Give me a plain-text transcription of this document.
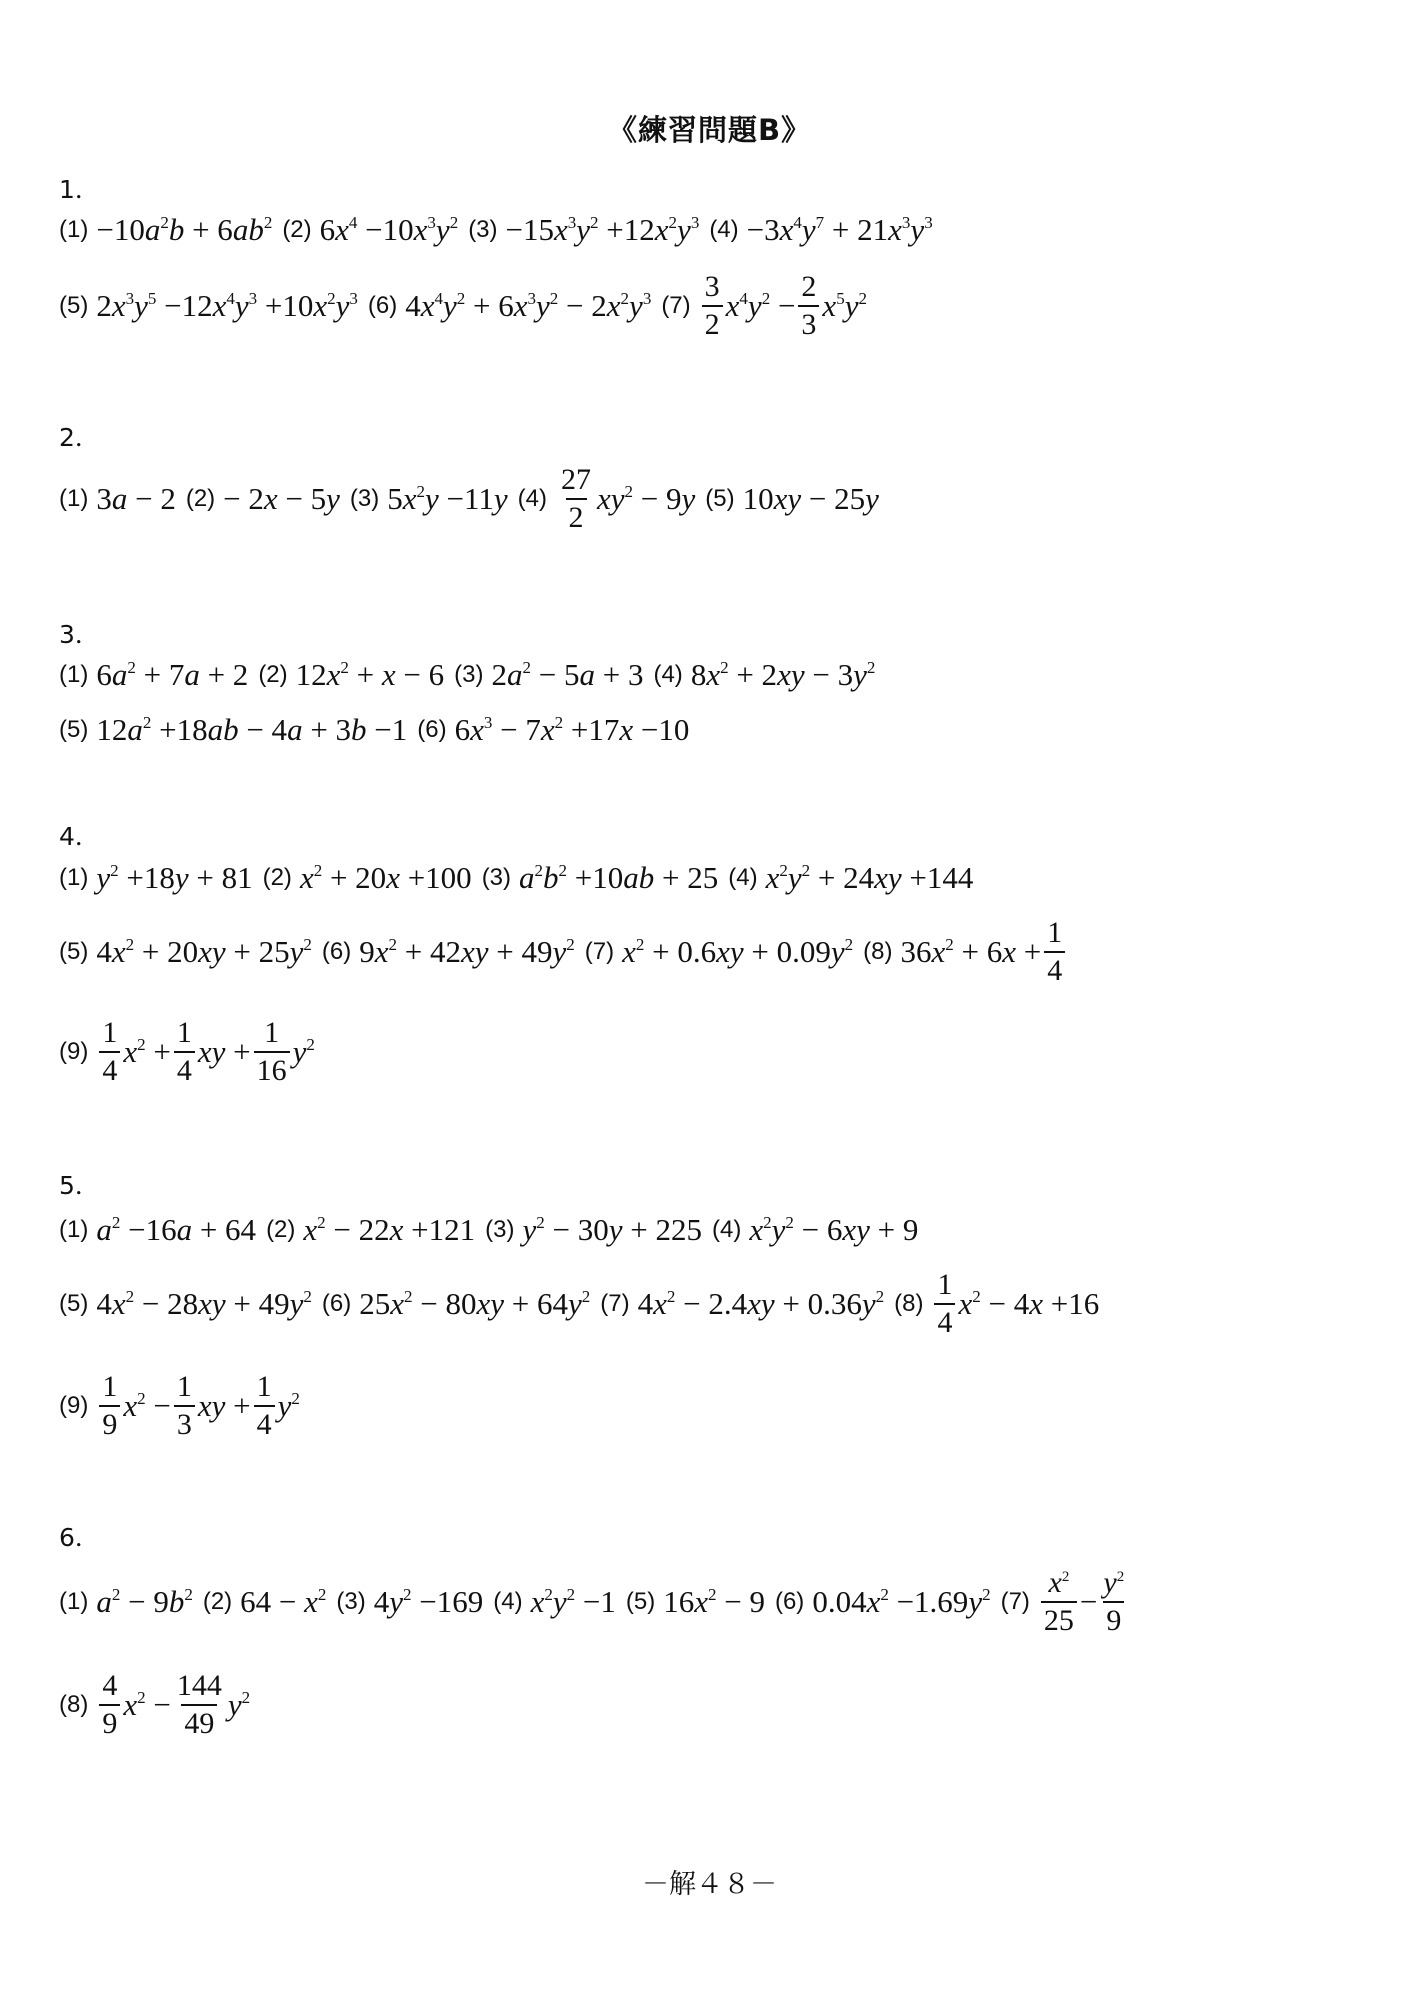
《練習問題B》
1．
$(1) -10a^2b + 6ab^2$ (2) $6x^4 -10x^3y^2$ $(3) -15x^3y^2 +12x^2y^3$ $(4) -3x^4y^7 + 21x^3y^3$
(5) $2x^3y^5 -12x^4y^3 +10x^2y^3$ (6) $4x^4y^2 + 6x^3y^2 - 2x^2y^3$ $(7) \frac{3}{2} x^4y^2 - \frac{2}{3} x^5y^2$
2．
(1) 3a − 2 (2) − 2x − 5y (3) $5x^2y -11y$ $(4) \frac{27}{2} xy^2 - 9y$ (5) 10xy − 25y
3．
(1) $6a^2 + 7a + 2$ (2) $12x^2 + x - 6$ (3) $2a^2 - 5a + 3$ (4) $8x^2 + 2xy - 3y^2$
(5) $12a^2 +18ab - 4a + 3b -1$ (6) $6x^3 - 7x^2 +17x -10$
4．
(1) $y^2 +18y + 81$ (2) $x^2 + 20x +100$ (3) $a^2b^2 +10ab + 25$ (4) $x^2y^2 + 24xy +144$
(5) $4x^2 + 20xy + 25y^2$ (6) $9x^2 + 42xy + 49y^2$ (7) $x^2 + 0.6xy + 0.09y^2$ (8) $36x^2 + 6x + \frac{1}{4}$
$(9) \frac{1}{4} x^2 + \frac{1}{4}$ xy + $\frac{1}{16} y^2$
5．
(1) $a^2 -16a + 64$ (2) $x^2 - 22x +121$ (3) $y^2 - 30y + 225$ (4) $x^2y^2 - 6xy + 9$
(5) $4x^2 - 28xy + 49y^2$ (6) $25x^2 - 80xy + 64y^2$ (7) $4x^2 - 2.4xy + 0.36y^2$ $(8) \frac{1}{4} x^2 - 4x +16$
$(9) \frac{1}{9} x^2 - \frac{1}{3}$ xy + $\frac{1}{4} y^2$
6．
(1) $a^2 - 9b^2$ (2) $64 - x^2$ (3) $4y^2 -169$ (4) $x^2y^2 -1$ (5) $16x^2 - 9$ (6) $0.04x^2 -1.69y^2$ $(7) \frac{x^2}{25} - \frac{y^2}{9}$
$(8) \frac{4}{9} x^2 - \frac{144}{49} y^2$
－解４８－
